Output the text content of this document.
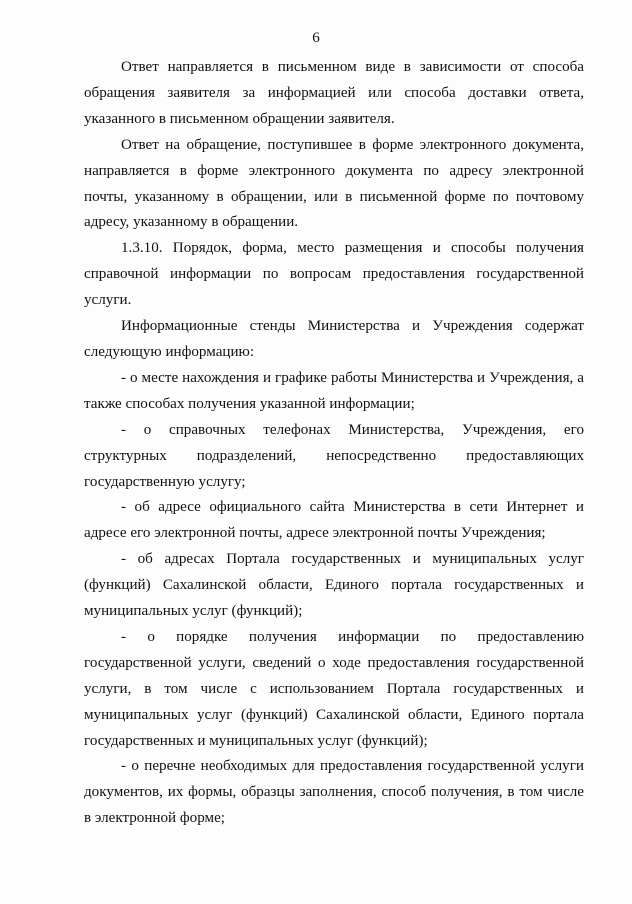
6

Ответ направляется в письменном виде в зависимости от способа обращения заявителя за информацией или способа доставки ответа, указанного в письменном обращении заявителя.

Ответ на обращение, поступившее в форме электронного документа, направляется в форме электронного документа по адресу электронной почты, указанному в обращении, или в письменной форме по почтовому адресу, указанному в обращении.

1.3.10. Порядок, форма, место размещения и способы получения справочной информации по вопросам предоставления государственной услуги.

Информационные стенды Министерства и Учреждения содержат следующую информацию:

- о месте нахождения и графике работы Министерства и Учреждения, а также способах получения указанной информации;

- о справочных телефонах Министерства, Учреждения, его структурных подразделений, непосредственно предоставляющих государственную услугу;

- об адресе официального сайта Министерства в сети Интернет и адресе его электронной почты, адресе электронной почты Учреждения;

- об адресах Портала государственных и муниципальных услуг (функций) Сахалинской области, Единого портала государственных и муниципальных услуг (функций);

- о порядке получения информации по предоставлению государственной услуги, сведений о ходе предоставления государственной услуги, в том числе с использованием Портала государственных и муниципальных услуг (функций) Сахалинской области, Единого портала государственных и муниципальных услуг (функций);

- о перечне необходимых для предоставления государственной услуги документов, их формы, образцы заполнения, способ получения, в том числе в электронной форме;
